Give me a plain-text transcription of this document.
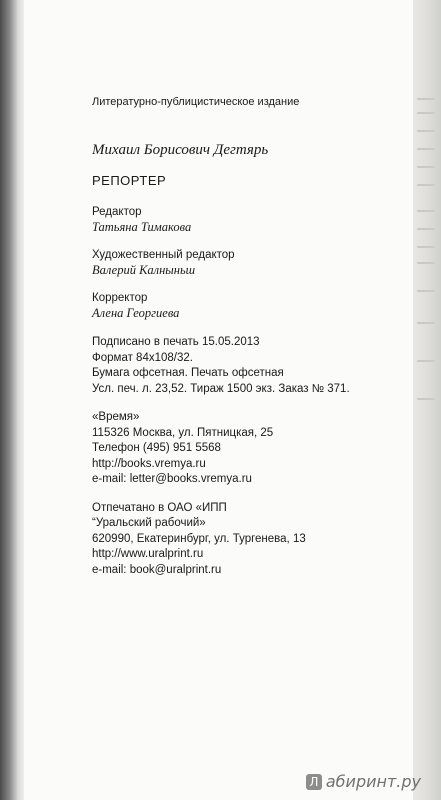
Литературно-публицистическое издание
Михаил Борисович Дегтярь
РЕПОРТЕР
Редактор
Татьяна Тимакова
Художественный редактор
Валерий Калныньш
Корректор
Алена Георгиева
Подписано в печать 15.05.2013
Формат 84х108/32.
Бумага офсетная. Печать офсетная
Усл. печ. л. 23,52. Тираж 1500 экз. Заказ № 371.
«Время»
115326 Москва, ул. Пятницкая, 25
Телефон (495) 951 5568
http://books.vremya.ru
e-mail: letter@books.vremya.ru
Отпечатано в ОАО «ИПП
“Уральский рабочий»
620990, Екатеринбург, ул. Тургенева, 13
http://www.uralprint.ru
e-mail: book@uralprint.ru
Л абиринт.ру
